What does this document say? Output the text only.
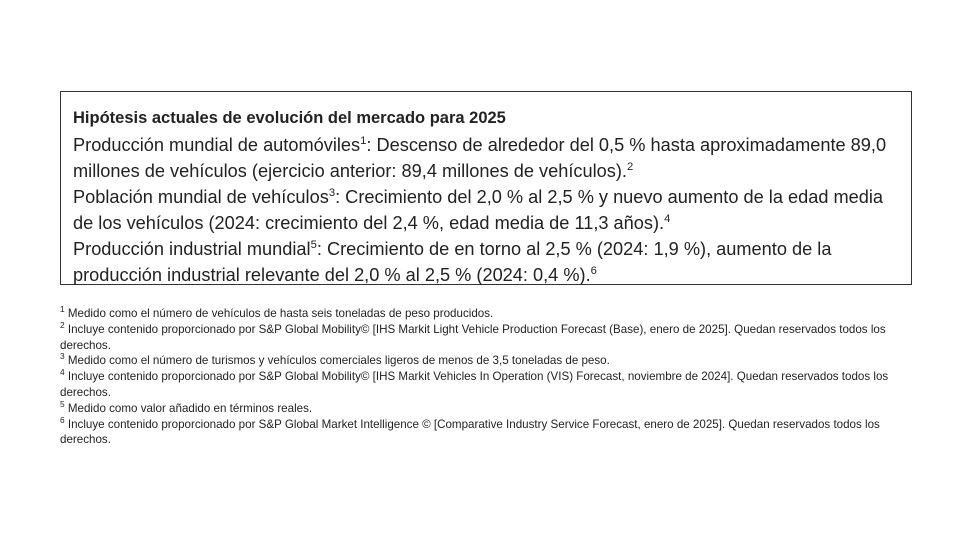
Hipótesis actuales de evolución del mercado para 2025

Producción mundial de automóviles$^1$: Descenso de alrededor del 0,5 % hasta aproximadamente 89,0 millones de vehículos (ejercicio anterior: 89,4 millones de vehículos).$^2$

Población mundial de vehículos$^3$: Crecimiento del 2,0 % al 2,5 % y nuevo aumento de la edad media de los vehículos (2024: crecimiento del 2,4 %, edad media de 11,3 años).$^4$

Producción industrial mundial$^5$: Crecimiento de en torno al 2,5 % (2024: 1,9 %), aumento de la producción industrial relevante del 2,0 % al 2,5 % (2024: 0,4 %).$^6$

$^1$ Medido como el número de vehículos de hasta seis toneladas de peso producidos.

$^2$ Incluye contenido proporcionado por S&P Global Mobility© [IHS Markit Light Vehicle Production Forecast (Base), enero de 2025]. Quedan reservados todos los derechos.

$^3$ Medido como el número de turismos y vehículos comerciales ligeros de menos de 3,5 toneladas de peso.

$^4$ Incluye contenido proporcionado por S&P Global Mobility© [IHS Markit Vehicles In Operation (VIS) Forecast, noviembre de 2024]. Quedan reservados todos los derechos.

$^5$ Medido como valor añadido en términos reales.

$^6$ Incluye contenido proporcionado por S&P Global Market Intelligence © [Comparative Industry Service Forecast, enero de 2025]. Quedan reservados todos los derechos.
